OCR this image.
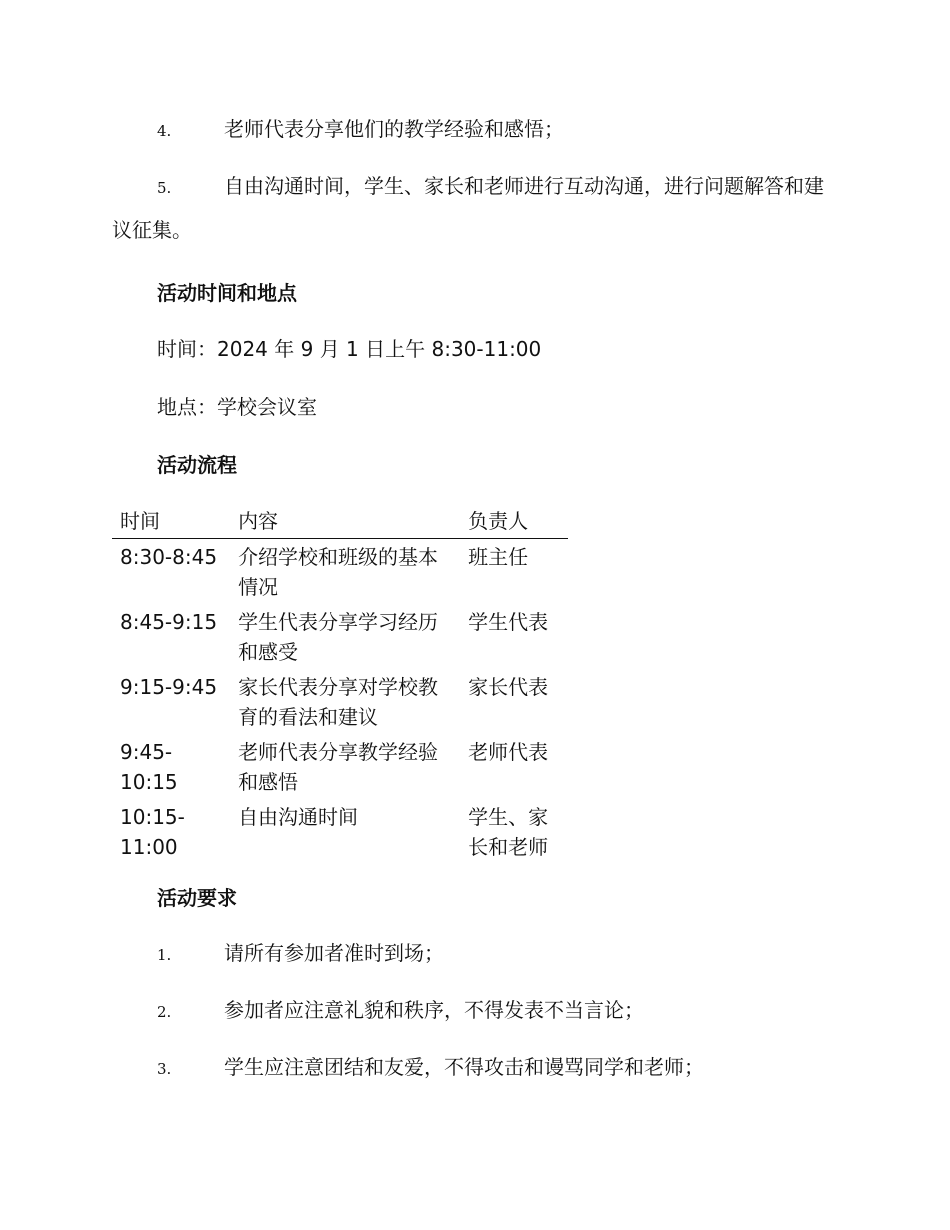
4.	老师代表分享他们的教学经验和感悟；
5.	自由沟通时间，学生、家长和老师进行互动沟通，进行问题解答和建议征集。
活动时间和地点
时间：2024 年 9 月 1 日上午 8:30-11:00
地点：学校会议室
活动流程
时间	内容	负责人
8:30-8:45	介绍学校和班级的基本情况	班主任
8:45-9:15	学生代表分享学习经历和感受	学生代表
9:15-9:45	家长代表分享对学校教育的看法和建议	家长代表
9:45-10:15	老师代表分享教学经验和感悟	老师代表
10:15-11:00	自由沟通时间	学生、家长和老师
活动要求
1.	请所有参加者准时到场；
2.	参加者应注意礼貌和秩序，不得发表不当言论；
3.	学生应注意团结和友爱，不得攻击和谩骂同学和老师；
